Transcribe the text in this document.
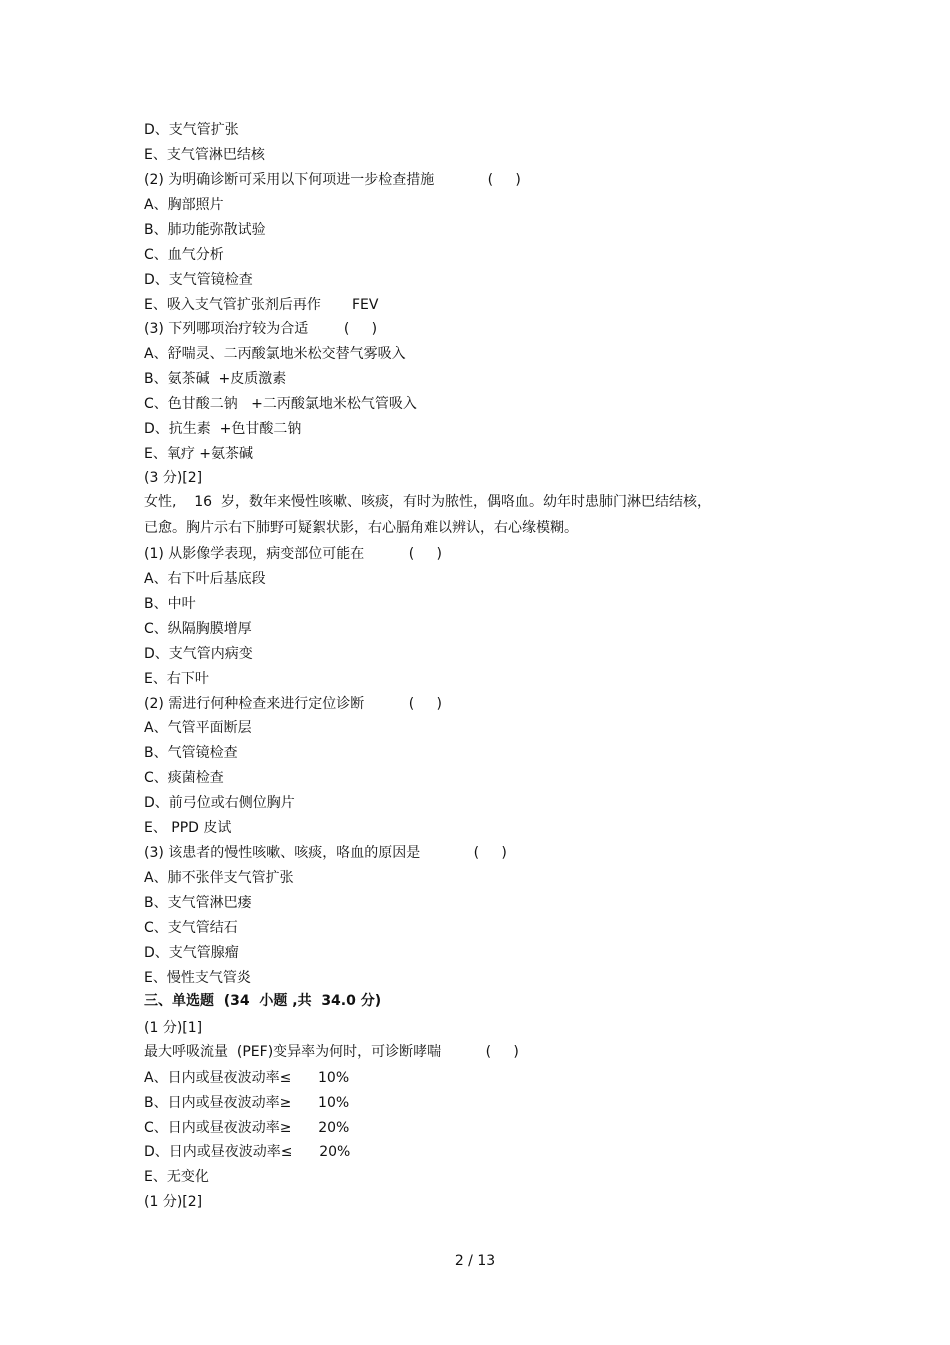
D、支气管扩张
E、支气管淋巴结核
(2) 为明确诊断可采用以下何项进一步检查措施            (     )
A、胸部照片
B、肺功能弥散试验
C、血气分析
D、支气管镜检查
E、吸入支气管扩张剂后再作       FEV
(3) 下列哪项治疗较为合适        (     )
A、舒喘灵、二丙酸氯地米松交替气雾吸入
B、氨茶碱  +皮质激素
C、色甘酸二钠   +二丙酸氯地米松气管吸入
D、抗生素  +色甘酸二钠
E、氧疗 +氨茶碱
(3 分)[2]
女性,    16  岁，数年来慢性咳嗽、咳痰，有时为脓性，偶咯血。幼年时患肺门淋巴结结核，
已愈。胸片示右下肺野可疑絮状影，右心膈角难以辨认，右心缘模糊。
(1) 从影像学表现，病变部位可能在          (     )
A、右下叶后基底段
B、中叶
C、纵隔胸膜增厚
D、支气管内病变
E、右下叶
(2) 需进行何种检查来进行定位诊断          (     )
A、气管平面断层
B、气管镜检查
C、痰菌检查
D、前弓位或右侧位胸片
E、 PPD 皮试
(3) 该患者的慢性咳嗽、咳痰，咯血的原因是            (     )
A、肺不张伴支气管扩张
B、支气管淋巴瘘
C、支气管结石
D、支气管腺瘤
E、慢性支气管炎
三、单选题  (34  小题 ,共  34.0 分)
(1 分)[1]
最大呼吸流量  (PEF)变异率为何时，可诊断哮喘          (     )
A、日内或昼夜波动率≤      10%
B、日内或昼夜波动率≥      10%
C、日内或昼夜波动率≥      20%
D、日内或昼夜波动率≤      20%
E、无变化
(1 分)[2]
2 / 13
